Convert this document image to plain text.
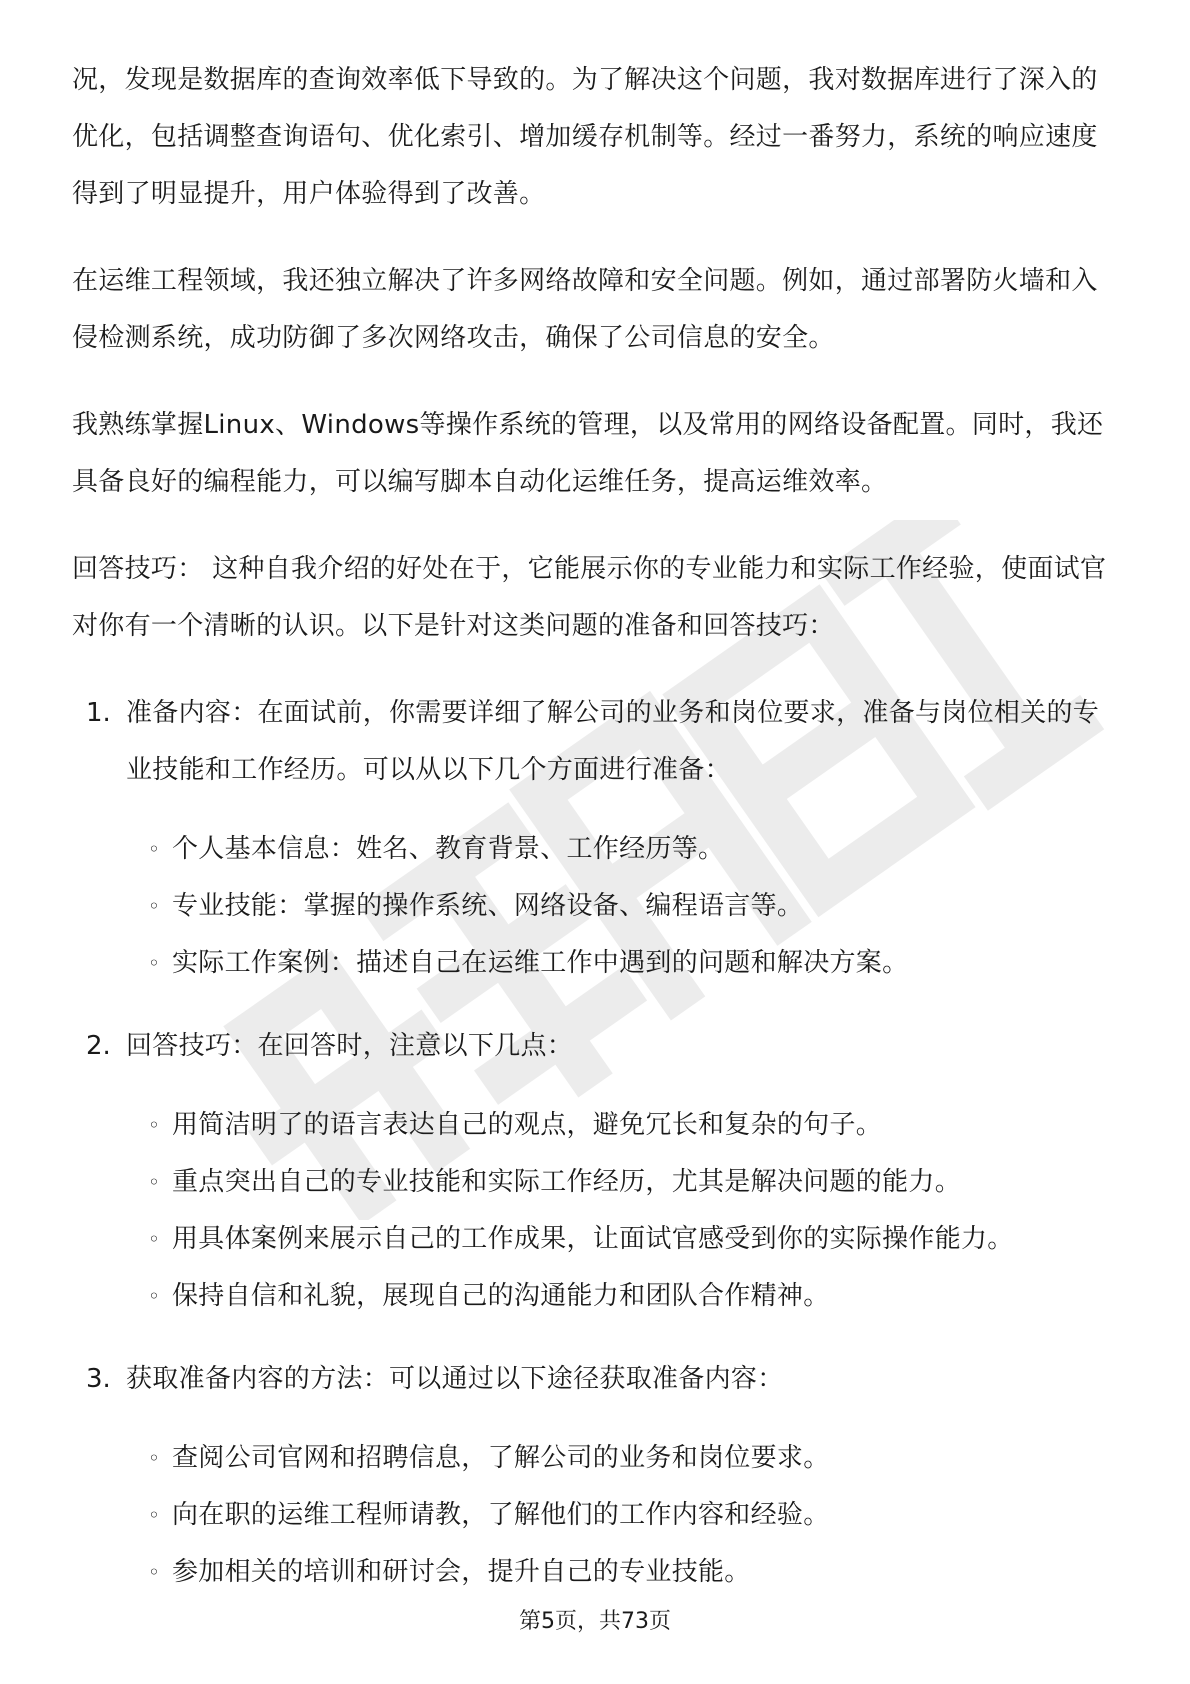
况，发现是数据库的查询效率低下导致的。为了解决这个问题，我对数据库进行了深入的优化，包括调整查询语句、优化索引、增加缓存机制等。经过一番努力，系统的响应速度得到了明显提升，用户体验得到了改善。

在运维工程领域，我还独立解决了许多网络故障和安全问题。例如，通过部署防火墙和入侵检测系统，成功防御了多次网络攻击，确保了公司信息的安全。

我熟练掌握Linux、Windows等操作系统的管理，以及常用的网络设备配置。同时，我还具备良好的编程能力，可以编写脚本自动化运维任务，提高运维效率。

回答技巧： 这种自我介绍的好处在于，它能展示你的专业能力和实际工作经验，使面试官对你有一个清晰的认识。以下是针对这类问题的准备和回答技巧：

1. 准备内容：在面试前，你需要详细了解公司的业务和岗位要求，准备与岗位相关的专业技能和工作经历。可以从以下几个方面进行准备：
◦ 个人基本信息：姓名、教育背景、工作经历等。
◦ 专业技能：掌握的操作系统、网络设备、编程语言等。
◦ 实际工作案例：描述自己在运维工作中遇到的问题和解决方案。
2. 回答技巧：在回答时，注意以下几点：
◦ 用简洁明了的语言表达自己的观点，避免冗长和复杂的句子。
◦ 重点突出自己的专业技能和实际工作经历，尤其是解决问题的能力。
◦ 用具体案例来展示自己的工作成果，让面试官感受到你的实际操作能力。
◦ 保持自信和礼貌，展现自己的沟通能力和团队合作精神。
3. 获取准备内容的方法：可以通过以下途径获取准备内容：
◦ 查阅公司官网和招聘信息，了解公司的业务和岗位要求。
◦ 向在职的运维工程师请教，了解他们的工作内容和经验。
◦ 参加相关的培训和研讨会，提升自己的专业技能。
第5页，共73页
